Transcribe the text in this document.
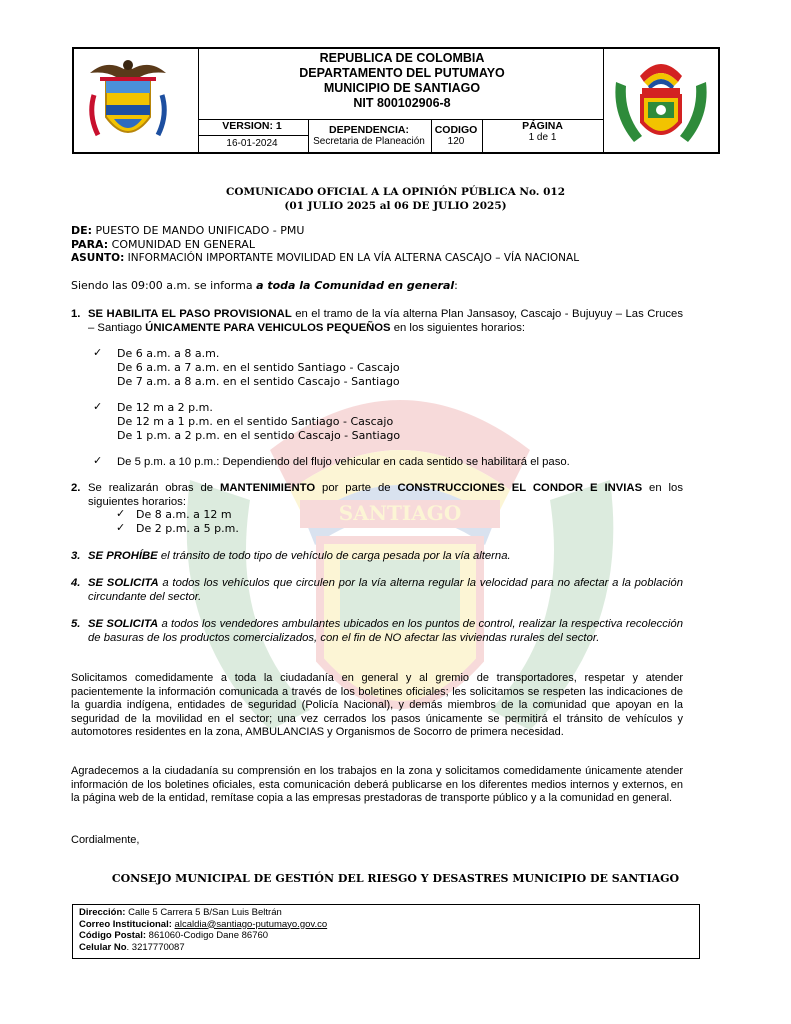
SANTIAGO
REPUBLICA DE COLOMBIA
DEPARTAMENTO DEL PUTUMAYO
MUNICIPIO DE SANTIAGO
NIT 800102906-8
VERSION: 1
16-01-2024
DEPENDENCIA:
Secretaria de Planeación
CODIGO
120
PÁGINA
1 de 1
COMUNICADO OFICIAL A LA OPINIÓN PÚBLICA No. 012
(01 JULIO 2025 al 06 DE JULIO 2025)
DE: PUESTO DE MANDO UNIFICADO - PMU
PARA: COMUNIDAD EN GENERAL
ASUNTO: INFORMACIÓN IMPORTANTE MOVILIDAD EN LA VÍA ALTERNA CASCAJO – VÍA NACIONAL
Siendo las 09:00 a.m. se informa a toda la Comunidad en general:
1. SE HABILITA EL PASO PROVISIONAL en el tramo de la vía alterna Plan Jansasoy, Cascajo - Bujuyuy – Las Cruces – Santiago ÚNICAMENTE PARA VEHICULOS PEQUEÑOS en los siguientes horarios:
✓ De 6 a.m. a 8 a.m.
De 6 a.m. a 7 a.m. en el sentido Santiago - Cascajo
De 7 a.m. a 8 a.m. en el sentido Cascajo - Santiago
✓ De 12 m a 2 p.m.
De 12 m a 1 p.m. en el sentido Santiago - Cascajo
De 1 p.m. a 2 p.m. en el sentido Cascajo - Santiago
✓ De 5 p.m. a 10 p.m.: Dependiendo del flujo vehicular en cada sentido se habilitará el paso.
2. Se realizarán obras de MANTENIMIENTO por parte de CONSTRUCCIONES EL CONDOR E INVIAS en los siguientes horarios:
✓ De 8 a.m. a 12 m
✓ De 2 p.m. a 5 p.m.
3. SE PROHÍBE el tránsito de todo tipo de vehículo de carga pesada por la vía alterna.
4. SE SOLICITA a todos los vehículos que circulen por la vía alterna regular la velocidad para no afectar a la población circundante del sector.
5. SE SOLICITA a todos los vendedores ambulantes ubicados en los puntos de control, realizar la respectiva recolección de basuras de los productos comercializados, con el fin de NO afectar las viviendas rurales del sector.
Solicitamos comedidamente a toda la ciudadanía en general y al gremio de transportadores, respetar y atender pacientemente la información comunicada a través de los boletines oficiales; les solicitamos se respeten las indicaciones de la guardia indígena, entidades de seguridad (Policía Nacional), y demás miembros de la comunidad que apoyan en la seguridad de la movilidad en el sector; una vez cerrados los pasos únicamente se permitirá el tránsito de vehículos y automotores residentes en la zona, AMBULANCIAS y Organismos de Socorro de primera necesidad.
Agradecemos a la ciudadanía su comprensión en los trabajos en la zona y solicitamos comedidamente únicamente atender información de los boletines oficiales, esta comunicación deberá publicarse en los diferentes medios internos y externos, en la página web de la entidad, remítase copia a las empresas prestadoras de transporte público y a la comunidad en general.
Cordialmente,
CONSEJO MUNICIPAL DE GESTIÓN DEL RIESGO Y DESASTRES MUNICIPIO DE SANTIAGO
Dirección: Calle 5 Carrera 5 B/San Luis Beltrán
Correo Institucional: alcaldia@santiago-putumayo.gov.co
Código Postal: 861060-Codigo Dane 86760
Celular No. 3217770087
